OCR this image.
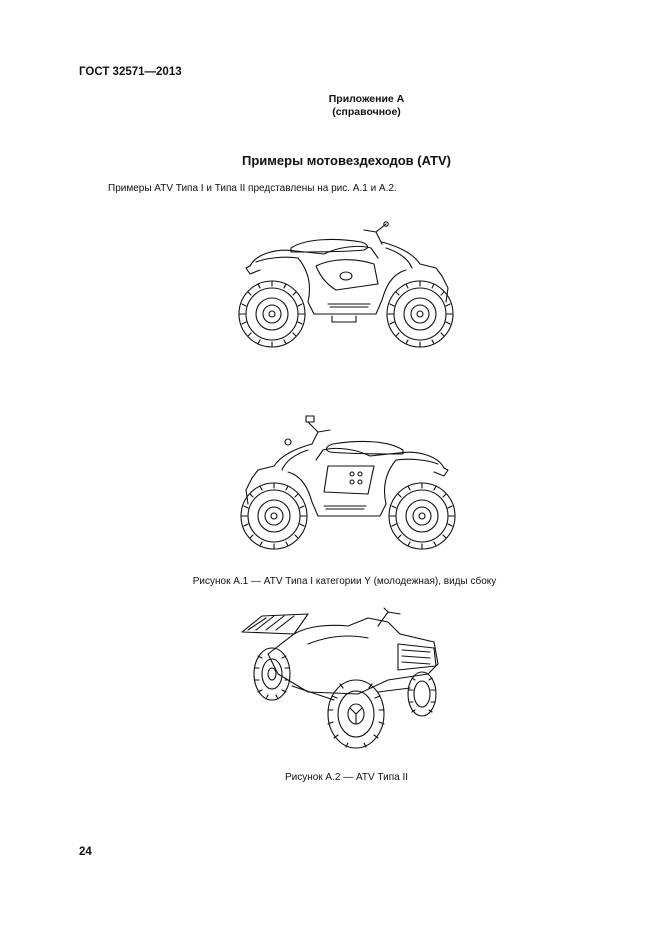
ГОСТ 32571—2013
Приложение А
(справочное)
Примеры мотовездеходов (ATV)
Примеры ATV Типа I и Типа II представлены на рис. А.1 и А.2.
Рисунок А.1 — ATV Типа I категории Y (молодежная), виды сбоку
Рисунок А.2 — ATV Типа II
24
